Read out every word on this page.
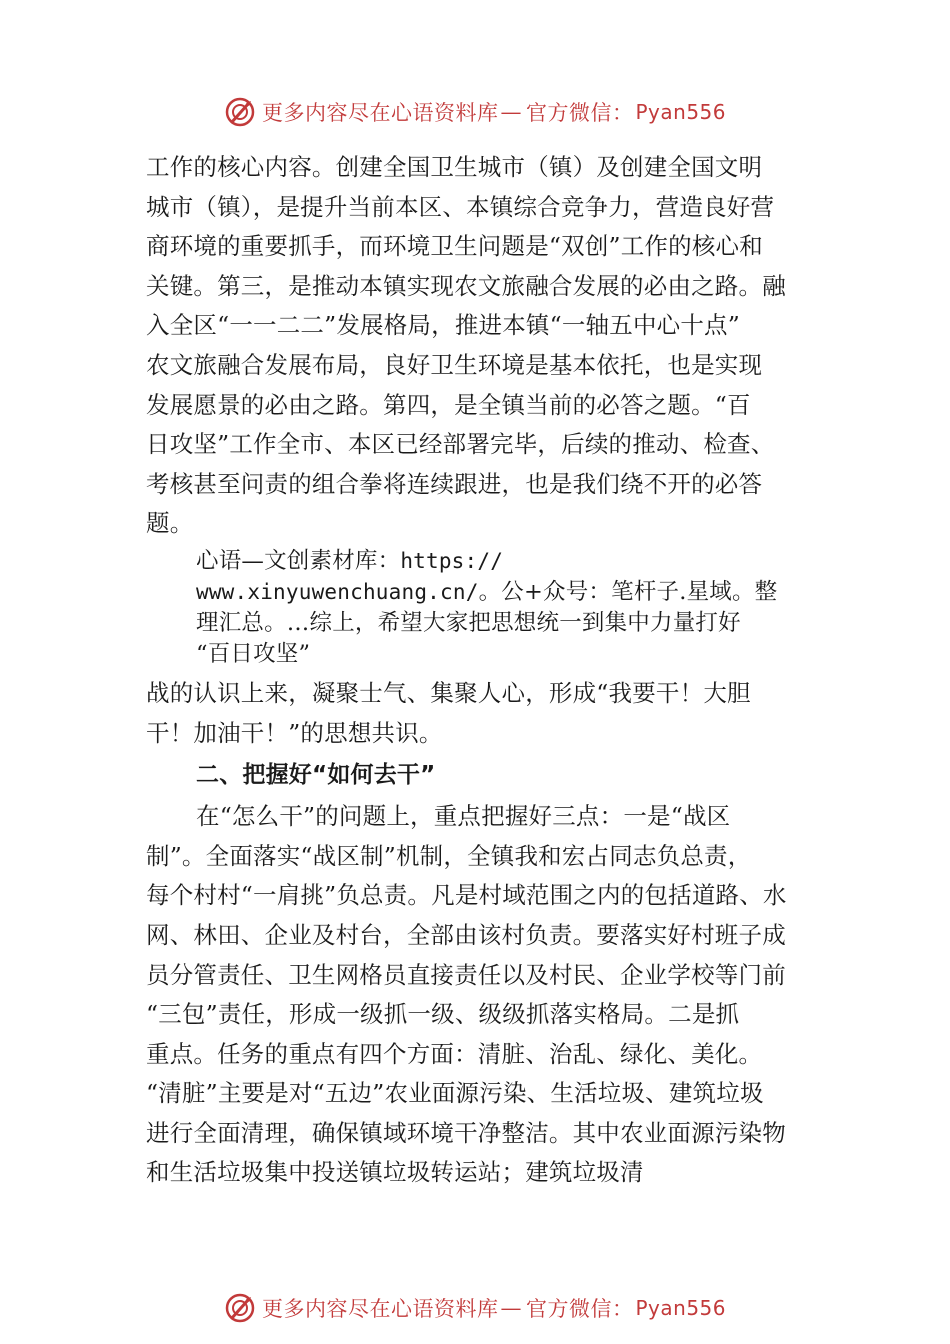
更多内容尽在心语资料库 — 官方微信： Pyan556
工作的核心内容。创建全国卫生城市（镇）及创建全国文明
城市（镇），是提升当前本区、本镇综合竞争力，营造良好营
商环境的重要抓手，而环境卫生问题是“双创”工作的核心和
关键。第三，是推动本镇实现农文旅融合发展的必由之路。融
入全区“一一二二”发展格局，推进本镇“一轴五中心十点”
农文旅融合发展布局，良好卫生环境是基本依托，也是实现
发展愿景的必由之路。第四，是全镇当前的必答之题。“百
日攻坚”工作全市、本区已经部署完毕，后续的推动、检查、
考核甚至问责的组合拳将连续跟进，也是我们绕不开的必答
题。
心语—文创素材库：https://
www.xinyuwenchuang.cn/。公+众号：笔杆子.星域。整
理汇总。…综上，希望大家把思想统一到集中力量打好
“百日攻坚”
战的认识上来，凝聚士气、集聚人心，形成“我要干！大胆
干！加油干！”的思想共识。
二、把握好“如何去干”
在“怎么干”的问题上，重点把握好三点：一是“战区
制”。全面落实“战区制”机制，全镇我和宏占同志负总责，
每个村村“一肩挑”负总责。凡是村域范围之内的包括道路、水
网、林田、企业及村台，全部由该村负责。要落实好村班子成
员分管责任、卫生网格员直接责任以及村民、企业学校等门前
“三包”责任，形成一级抓一级、级级抓落实格局。二是抓
重点。任务的重点有四个方面：清脏、治乱、绿化、美化。
“清脏”主要是对“五边”农业面源污染、生活垃圾、建筑垃圾
进行全面清理，确保镇域环境干净整洁。其中农业面源污染物
和生活垃圾集中投送镇垃圾转运站；建筑垃圾清
更多内容尽在心语资料库 — 官方微信： Pyan556
